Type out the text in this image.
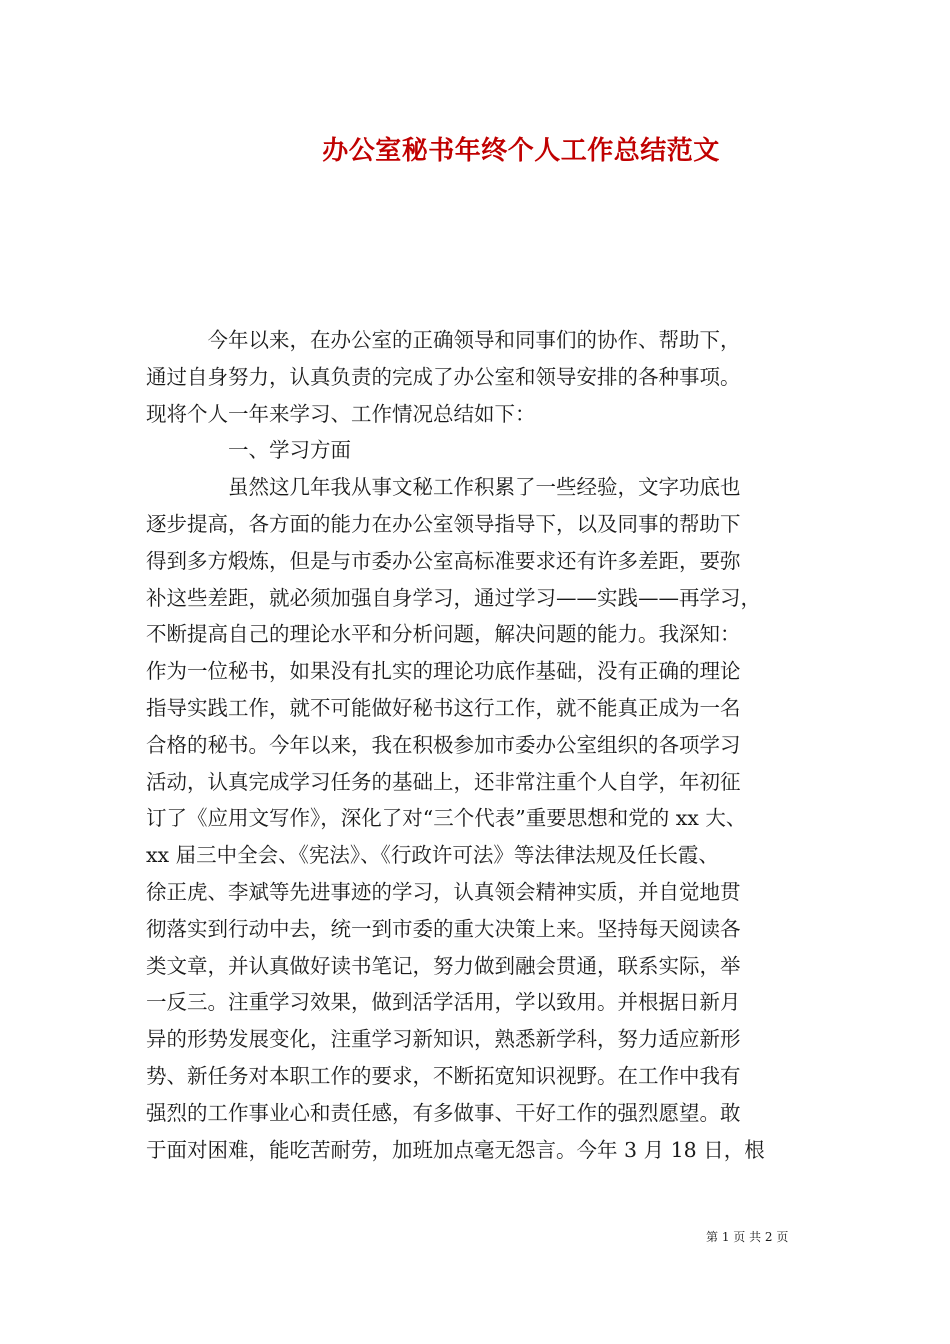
办公室秘书年终个人工作总结范文
　　　今年以来，在办公室的正确领导和同事们的协作、帮助下，
通过自身努力，认真负责的完成了办公室和领导安排的各种事项。
现将个人一年来学习、工作情况总结如下：
　　　　一、学习方面
　　　　虽然这几年我从事文秘工作积累了一些经验，文字功底也
逐步提高，各方面的能力在办公室领导指导下，以及同事的帮助下
得到多方煅炼，但是与市委办公室高标准要求还有许多差距，要弥
补这些差距，就必须加强自身学习，通过学习——实践——再学习，
不断提高自己的理论水平和分析问题，解决问题的能力。我深知：
作为一位秘书，如果没有扎实的理论功底作基础，没有正确的理论
指导实践工作，就不可能做好秘书这行工作，就不能真正成为一名
合格的秘书。今年以来，我在积极参加市委办公室组织的各项学习
活动，认真完成学习任务的基础上，还非常注重个人自学，年初征
订了《应用文写作》，深化了对“三个代表”重要思想和党的 xx 大、
xx 届三中全会、《宪法》、《行政许可法》等法律法规及任长霞、
徐正虎、李斌等先进事迹的学习，认真领会精神实质，并自觉地贯
彻落实到行动中去，统一到市委的重大决策上来。坚持每天阅读各
类文章，并认真做好读书笔记，努力做到融会贯通，联系实际，举
一反三。注重学习效果，做到活学活用，学以致用。并根据日新月
异的形势发展变化，注重学习新知识，熟悉新学科，努力适应新形
势、新任务对本职工作的要求，不断拓宽知识视野。在工作中我有
强烈的工作事业心和责任感，有多做事、干好工作的强烈愿望。敢
于面对困难，能吃苦耐劳，加班加点毫无怨言。今年 3 月 18 日，根
第 1 页 共 2 页
